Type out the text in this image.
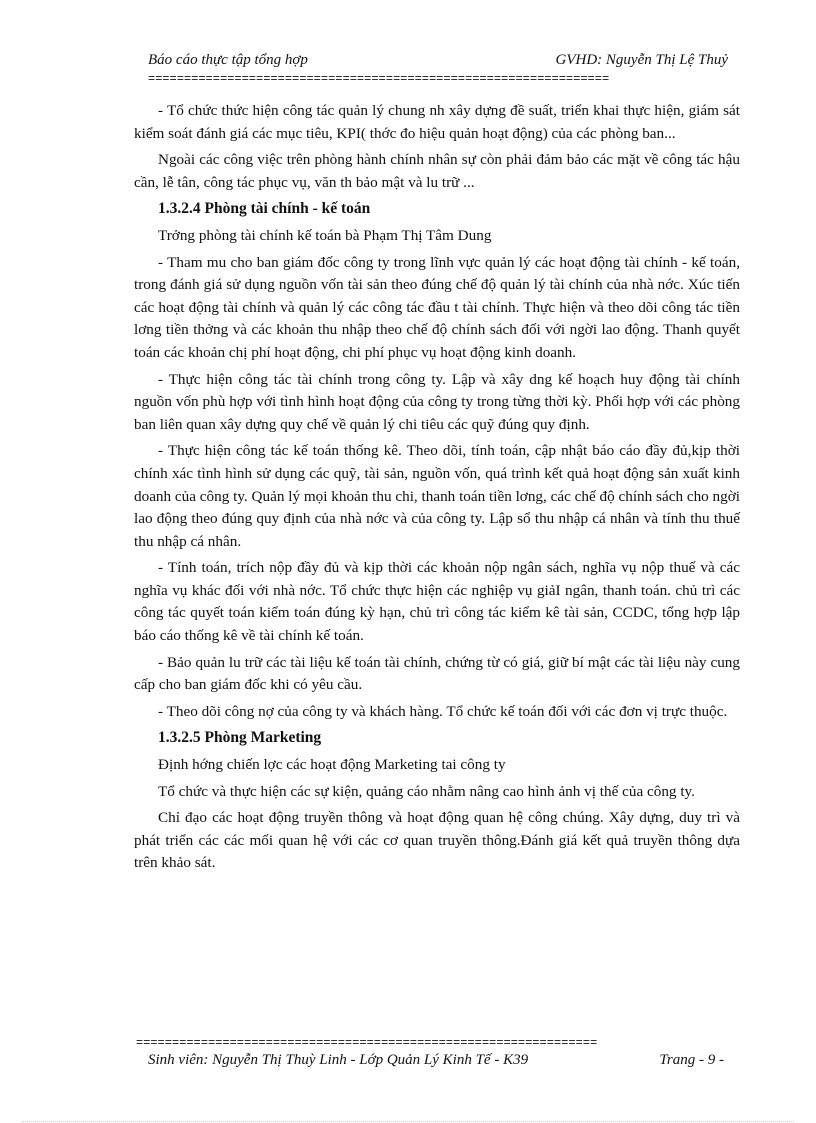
Báo cáo thực tập tổng hợp	GVHD: Nguyễn Thị Lệ Thuỷ
================================================================

- Tổ chức thức hiện công tác quản lý chung nh xây dựng đề suất, triển khai thực hiện, giám sát kiểm soát đánh giá các mục tiêu, KPI( thớc đo hiệu quản hoạt động) của các phòng ban...

Ngoài các công việc trên phòng hành chính nhân sự còn phải đảm bảo các mặt về công tác hậu cần, lễ tân, công tác phục vụ, văn th bảo mật và lu trữ ...

1.3.2.4 Phòng tài chính - kế toán

Trởng phòng tài chính kế toán bà Phạm Thị Tâm Dung

- Tham mu cho ban giám đốc công ty trong lĩnh vực quản lý các hoạt động tài chính - kế toán, trong đánh giá sử dụng nguồn vốn tài sản theo đúng chế độ quản lý tài chính của nhà nớc. Xúc tiến các hoạt động tài chính và quản lý các công tác đầu t tài chính. Thực hiện và theo dõi công tác tiền lơng tiền thởng và các khoản thu nhập theo chế độ chính sách đối với ngời lao động. Thanh quyết toán các khoản chị phí hoạt động, chi phí phục vụ hoạt động kinh doanh.

- Thực hiện công tác tài chính trong công ty. Lập và xây dng kế hoạch huy động tài chính nguồn vốn phù hợp với tình hình hoạt động của công ty trong từng thời kỳ. Phối hợp với các phòng ban liên quan xây dựng quy chế về quản lý chi tiêu các quỹ đúng quy định.

- Thực hiện công tác kế toán thống kê. Theo dõi, tính toán, cập nhật báo cáo đầy đủ,kịp thời chính xác tình hình sử dụng các quỹ, tài sản, nguồn vốn, quá trình kết quả hoạt động sản xuất kinh doanh của công ty. Quản lý mọi khoản thu chi, thanh toán tiền lơng, các chế độ chính sách cho ngời lao động theo đúng quy định của nhà nớc và của công ty. Lập sổ thu nhập cá nhân và tính thu thuế thu nhập cá nhân.

- Tính toán, trích nộp đầy đủ và kịp thời các khoản nộp ngân sách, nghĩa vụ nộp thuế và các nghĩa vụ khác đối với nhà nớc. Tổ chức thực hiện các nghiệp vụ giảI ngân, thanh toán. chủ trì các công tác quyết toán kiểm toán đúng kỳ hạn, chủ trì công tác kiểm kê tài sản, CCDC, tổng hợp lập báo cáo thống kê về tài chính kế toán.

- Bảo quản lu trữ các tài liệu kế toán tài chính, chứng từ có giá, giữ bí mật các tài liệu này cung cấp cho ban giám đốc khi có yêu cầu.

- Theo dõi công nợ của công ty và khách hàng. Tổ chức kế toán đối với các đơn vị trực thuộc.

1.3.2.5 Phòng Marketing

Định hớng chiến lợc các hoạt động Marketing tai công ty

Tổ chức và thực hiện các sự kiện, quảng cáo nhằm nâng cao hình ảnh vị thế của công ty.

Chỉ đạo các hoạt động truyền thông và hoạt động quan hệ công chúng. Xây dựng, duy trì và phát triển các các mối quan hệ với các cơ quan truyền thông.Đánh giá kết quả truyền thông dựa trên khảo sát.

================================================================
Sinh viên: Nguyễn Thị Thuỳ Linh - Lớp Quản Lý Kinh Tế - K39	Trang - 9 -
